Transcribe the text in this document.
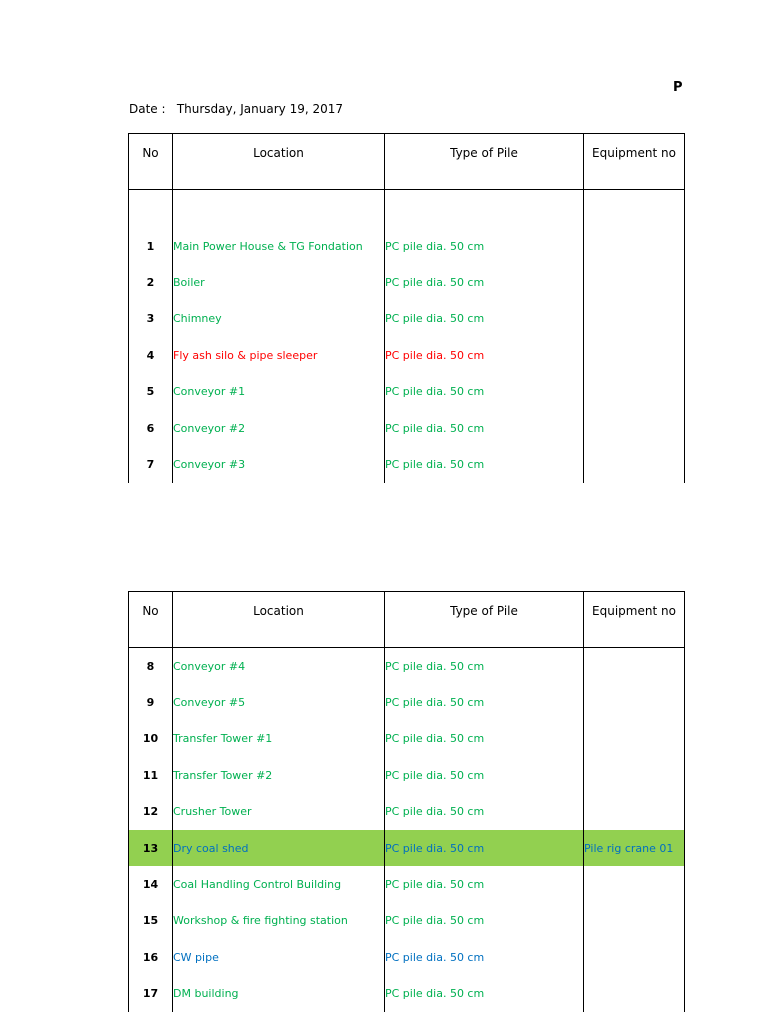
P
Date : Thursday, January 19, 2017
No	Location	Type of Pile	Equipment no

1	Main Power House & TG Fondation	PC pile dia. 50 cm	
2	Boiler	PC pile dia. 50 cm	
3	Chimney	PC pile dia. 50 cm	
4	Fly ash silo & pipe sleeper	PC pile dia. 50 cm	
5	Conveyor #1	PC pile dia. 50 cm	
6	Conveyor #2	PC pile dia. 50 cm	
7	Conveyor #3	PC pile dia. 50 cm	
No	Location	Type of Pile	Equipment no
8	Conveyor #4	PC pile dia. 50 cm	
9	Conveyor #5	PC pile dia. 50 cm	
10	Transfer Tower #1	PC pile dia. 50 cm	
11	Transfer Tower #2	PC pile dia. 50 cm	
12	Crusher Tower	PC pile dia. 50 cm	
13	Dry coal shed	PC pile dia. 50 cm	Pile rig crane 01
14	Coal Handling Control Building	PC pile dia. 50 cm	
15	Workshop & fire fighting station	PC pile dia. 50 cm	
16	CW pipe	PC pile dia. 50 cm	
17	DM building	PC pile dia. 50 cm	
